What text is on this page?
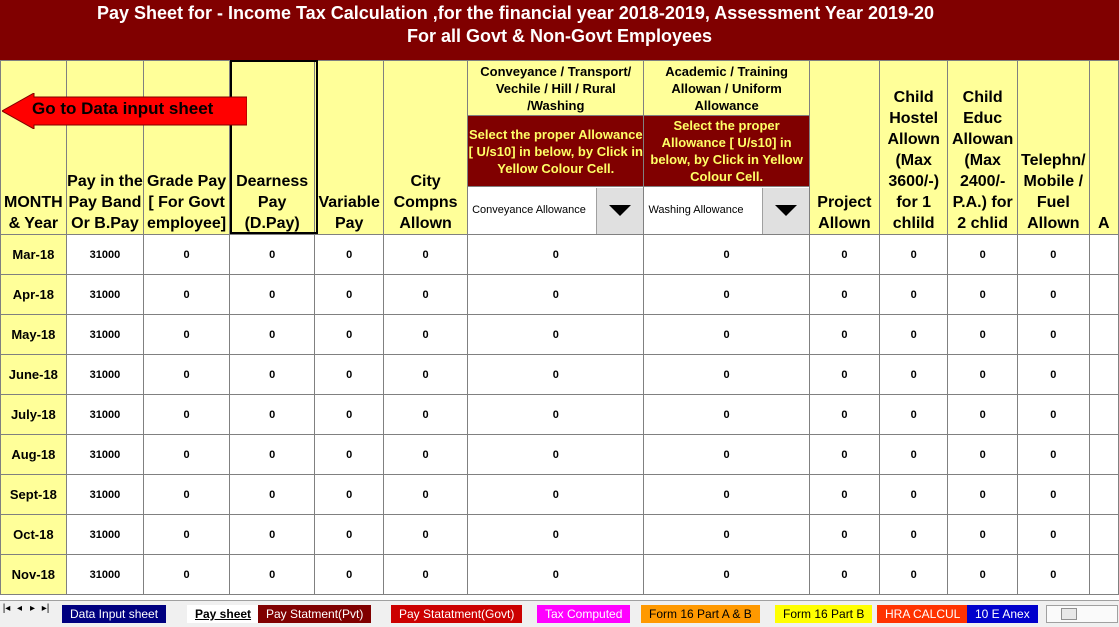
Pay Sheet for - Income Tax Calculation ,for the financial year 2018-2019, Assessment Year 2019-20
For all Govt & Non-Govt Employees
MONTH & Year	Pay in the Pay Band Or B.Pay	Grade Pay [ For Govt employee]	Dearness Pay (D.Pay)	Variable Pay	City Compns Allown	Conveyance / Transport/ Vechile / Hill / Rural /Washing	Academic / Training Allowan / Uniform Allowance	Project Allown	Child Hostel Allown (Max 3600/-) for 1 chlild	Child Educ Allowan (Max 2400/- P.A.) for 2 chlid	Telephn/ Mobile / Fuel Allown	A
						Select the proper Allowance [ U/s10] in below, by Click in Yellow Colour Cell.	Select the proper Allowance [ U/s10] in below, by Click in Yellow Colour Cell.					

						Conveyance Allowance	Washing Allowance					

Mar-18	31000	0	0	0	0	0	0	0	0	0	0	
Apr-18	31000	0	0	0	0	0	0	0	0	0	0	
May-18	31000	0	0	0	0	0	0	0	0	0	0	
June-18	31000	0	0	0	0	0	0	0	0	0	0	
July-18	31000	0	0	0	0	0	0	0	0	0	0	
Aug-18	31000	0	0	0	0	0	0	0	0	0	0	
Sept-18	31000	0	0	0	0	0	0	0	0	0	0	
Oct-18	31000	0	0	0	0	0	0	0	0	0	0	
Nov-18	31000	0	0	0	0	0	0	0	0	0	0	
Go to Data input sheet
|◂ ◂ ▸ ▸|	Data Input sheet	Pay sheet	Pay Statment(Pvt)	Pay Statatment(Govt)	Tax Computed	Form 16 Part A & B	Form 16 Part B	HRA CALCUL	10 E Anex
